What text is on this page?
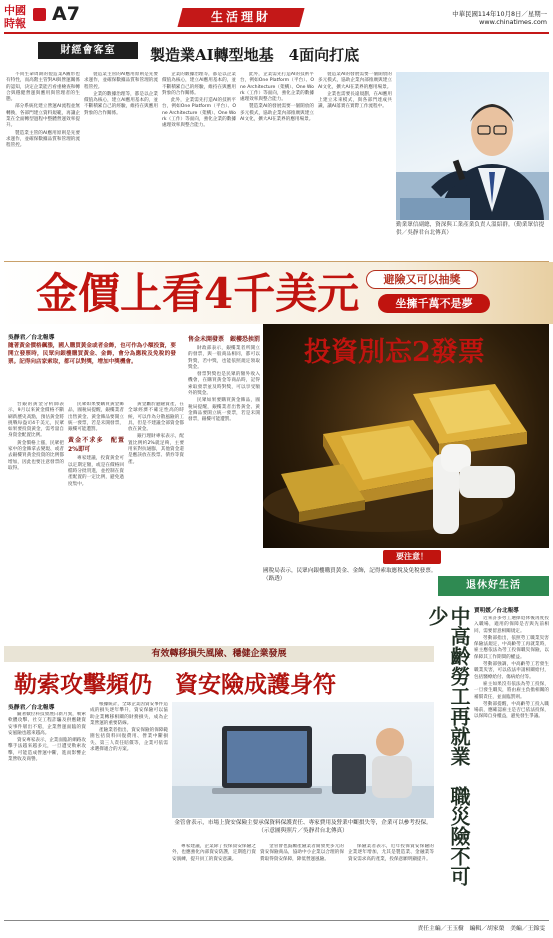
中國時報 A7	生活理財	中華民國114年10月8日／星期一
www.chinatimes.com
財經會客室	製造業AI轉型地基　4面向打底

不同生命周期的製造業A圖形也有特性，而高階主管對AI與營運關係的認知，決定企業能否看重檢查和轉合與穩健營運與應用與管理者的生態。

部分系統化建立營運AI流程並無轉換，各部門建立資料規範，再讓企業在全面轉型過程中整體營運效率提升。

製造業主管的AI應用原則是先要求運作，並確保數據品質和管理的流程管控。

製造業主管的AI應用原則是先要求運作，並確保數據品質和管理的流程管控。

企業的數據治理等，都是以企業價值為核心，建立AI應用基本的，並不斷積累自己的經驗，維持在與應用對象的合作關係。

企業的數據治理等，都是以企業價值為核心，建立AI應用基本的，並不斷積累自己的經驗，維持在與應用對象的合作關係。

此外，企業需先打造AI的技術平台，例如One Platform（平台）、One Architecture（架構）、One Work（工作）等面向，強化企業的數據處理效率與整合能力。

此外，企業需先打造AI的技術平台，例如One Platform（平台）、One Architecture（架構）、One Work（工作）等面向，強化企業的數據處理效率與整合能力。

製造業AI的發展需要一個開放的多元模式，協助企業內部推廣與建立AI文化，擴大AI在業界的應用場景。

製造業AI的發展需要一個開放的多元模式，協助企業內部推廣與建立AI文化，擴大AI在業界的應用場景。

企業也需要長遠規劃，在AI應用上建立未來模式，與各部門達成共識，讓AI落實在實際工作流程中。

勤業眾信副總，資深與工業產業負責人溫紹群。（勤業眾信提供／吳靜君台北傳真）
金價上看4千美元	避險又可以抽獎
坐擁千萬不是夢
投資別忘2發票
吳靜君／台北報導
隨著黃金價格飆漲，國人購買黃金或者金飾，也可作為小額投資，要開立發票時，民眾向銀樓購買黃金、金飾，會分為應稅及免稅的發票。記得向店家索取，都可以對獎，增加中獎機會。

台銀的黃金分析師表示，9月以來黃金價格不斷刷新歷史高點，預估黃金將挑戰每盎司4千美元，民眾如果要投資黃金，需考量自身資金配置比例。

黃金價格上漲，民眾把家中的金飾拿去變現、或者去銀樓買黃金投資的比例都增加，因此也要注意發票的取得。

民眾如果要購買黃金飾品，國稅局提醒，銀樓業者出售黃金、黃金飾品要開立統一發票，若是未開發票，銀樓可能遭罰。

黃金不求多　配置2%即可

專家建議，投資黃金可以定期定額，或是在價格回檔時分批買進，並控制在資產配置的一定比例，避免過度集中。

黃金屬於避險資產，在全球經濟不確定性高的時候，可以作為分散風險的工具，但是不建議全部資金都放在黃金。

銀行理財專家表示，配置比例約2%就足夠，主要用來對抗通膨，其他資金還是應該放在股票、債券等資產。

售金未開發票　銀樓恐挨罰

財政部表示，銀樓業者所開立的發票，與一般商品相同，都可以對獎，若中獎，也能依照規定領取獎金。

發票對獎也是民眾的額外收入機會，在購買黃金等商品時，記得索取發票並及時對獎，可以享受額外的獎金。

民眾如果要購買黃金飾品，國稅局提醒，銀樓業者出售黃金、黃金飾品要開立統一發票，若是未開發票，銀樓可能遭罰。

要注意！
國稅局表示，民眾向銀樓購買黃金、金飾，記得索取應稅及免稅發票。（路透）
退休好生活
有效轉移損失風險、穩健企業發展
勒索攻擊頻仍　資安險成護身符
吳靜君／台北報導

隨著數位科技發展日新月異，勒索軟體攻擊、社交工程詐騙及供應鏈資安事件層出不窮，企業營運面臨的資安風險也越來越高。

資安專家表示，企業面臨的網路攻擊手法越來越多元，一旦遭受勒索攻擊，可能造成營運中斷，進而影響企業營收及商譽。

根據統計，全球企業因資安事件造成的損失逐年攀升，資安保險可以協助企業轉移相關的財務損失，成為企業營運的重要防線。

產險業者指出，資安保險的保障範圍包括資料回復費用、營業中斷損失、第三人責任賠償等，企業可依需求選擇適合的方案。

金管會表示，市場上資安保險主要承保資料保護責任、專家費用及營業中斷損失等，企業可以參考投保。（示意圖與照片／吳靜君台北傳真）

專家建議，企業除了投保資安保險之外，也應強化內部資安防護，定期進行資安演練，提升員工的資安意識。

金管會也鼓勵產險業者開發更多元的資安保險商品，協助中小企業以合理的保費取得資安保障，降低營運風險。

保險業者表示，近年投保資安保險的企業逐年增加，尤其是製造業、金融業等資安需求高的產業，投保意願明顯提升。 中高齡勞工再就業　職災險不可少	賈明媛／台北報導

近來許多勞工選擇退休後再度投入職場，適用的保障是否與先前相同，需要留意相關規定。

勞動部指出，依照勞工職業災害保險法規定，中高齡勞工再就業時，雇主應依法為勞工投保職災保險，以保障其工作期間的權益。

勞動部強調，中高齡勞工若發生職業災害，可以依法申請相關給付，包括醫療給付、傷病給付等。

雇主如果沒有依法為勞工投保，一旦發生職災，將由雇主負擔相關的補償責任，並面臨罰則。

勞動部提醒，中高齡勞工投入職場前，應確認雇主是否已依法投保，以保障自身權益，避免發生爭議。

責任主編／王玉樹　編輯／胡家榮　美編／王錦雯
